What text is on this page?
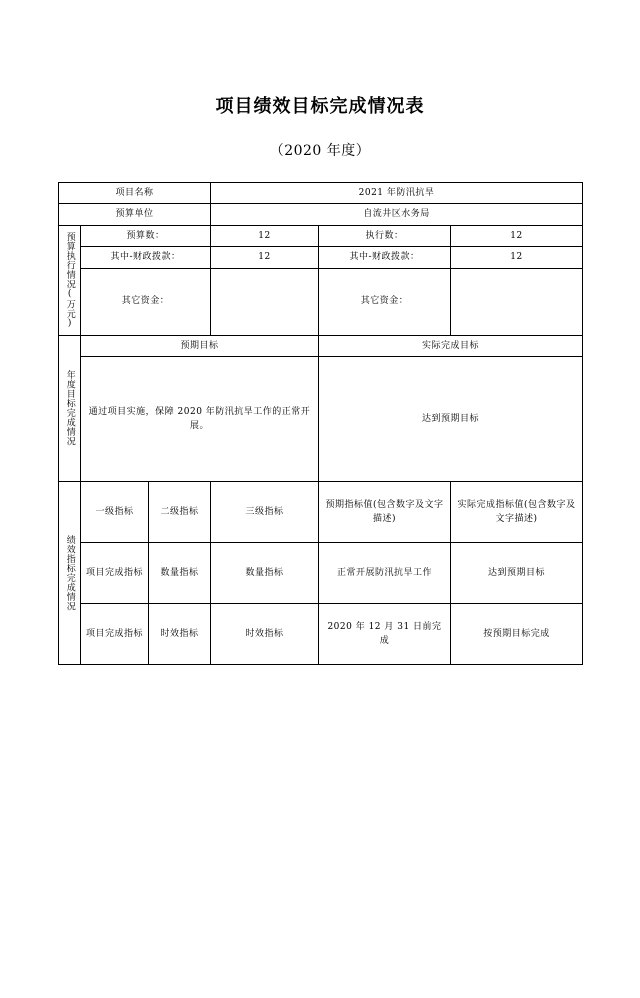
项目绩效目标完成情况表
（2020 年度）
项目名称			2021 年防汛抗旱		
预算单位			自流井区水务局		
预算执行情况(万元)	预算数：		12	执行数：	12
	其中-财政拨款：		12	其中-财政拨款：	12
	其它资金：			其它资金：	
年度目标完成情况	预期目标			实际完成目标	
	通过项目实施，保障 2020 年防汛抗旱工作的正常开展。			达到预期目标	
绩效指标完成情况	一级指标	二级指标	三级指标	预期指标值(包含数字及文字描述)	实际完成指标值(包含数字及文字描述)
	项目完成指标	数量指标	数量指标	正常开展防汛抗旱工作	达到预期目标
	项目完成指标	时效指标	时效指标	2020 年 12 月 31 日前完成	按预期目标完成
